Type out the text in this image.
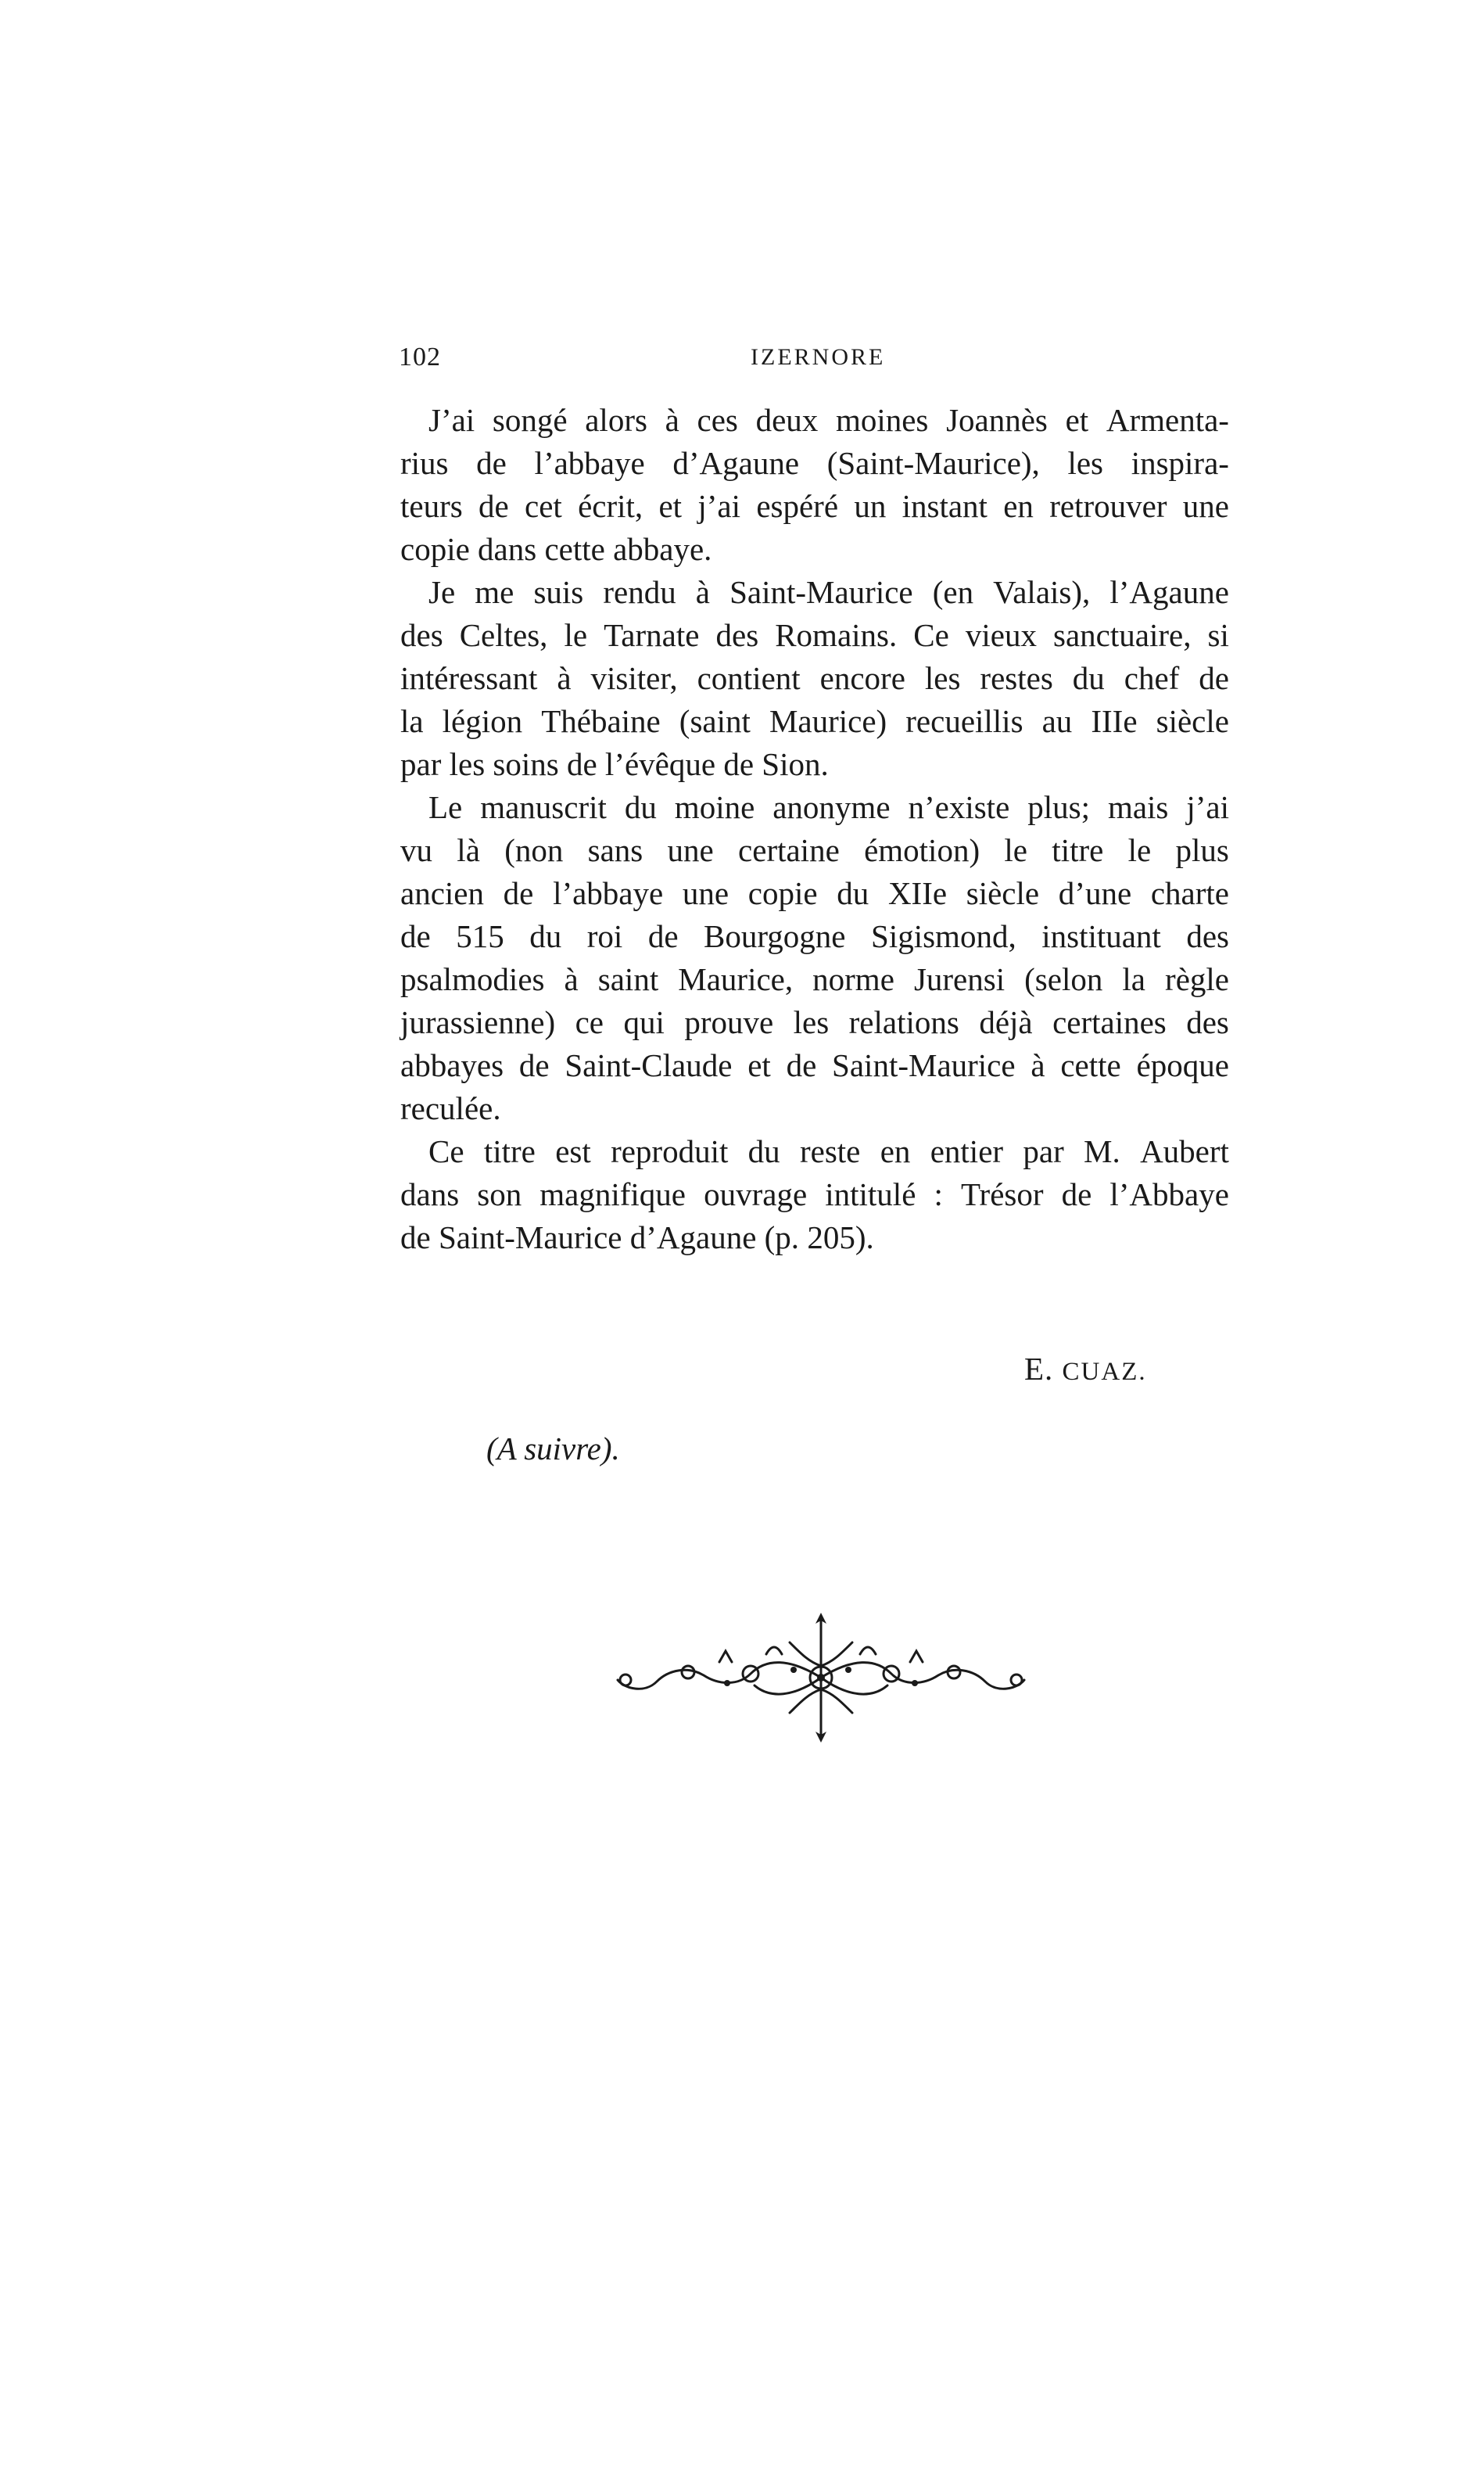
102	IZERNORE
J’ai songé alors à ces deux moines Joannès et Armenta-
rius de l’abbaye d’Agaune (Saint-Maurice), les inspira-
teurs de cet écrit, et j’ai espéré un instant en retrouver une
copie dans cette abbaye.
Je me suis rendu à Saint-Maurice (en Valais), l’Agaune
des Celtes, le Tarnate des Romains. Ce vieux sanctuaire, si
intéressant à visiter, contient encore les restes du chef de
la légion Thébaine (saint Maurice) recueillis au IIIe siècle
par les soins de l’évêque de Sion.
Le manuscrit du moine anonyme n’existe plus; mais j’ai
vu là (non sans une certaine émotion) le titre le plus
ancien de l’abbaye une copie du XIIe siècle d’une charte
de 515 du roi de Bourgogne Sigismond, instituant des
psalmodies à saint Maurice, norme Jurensi (selon la règle
jurassienne) ce qui prouve les relations déjà certaines des
abbayes de Saint-Claude et de Saint-Maurice à cette époque
reculée.
Ce titre est reproduit du reste en entier par M. Aubert
dans son magnifique ouvrage intitulé : Trésor de l’Abbaye
de Saint-Maurice d’Agaune (p. 205).
E. CUAZ.
(A suivre).
